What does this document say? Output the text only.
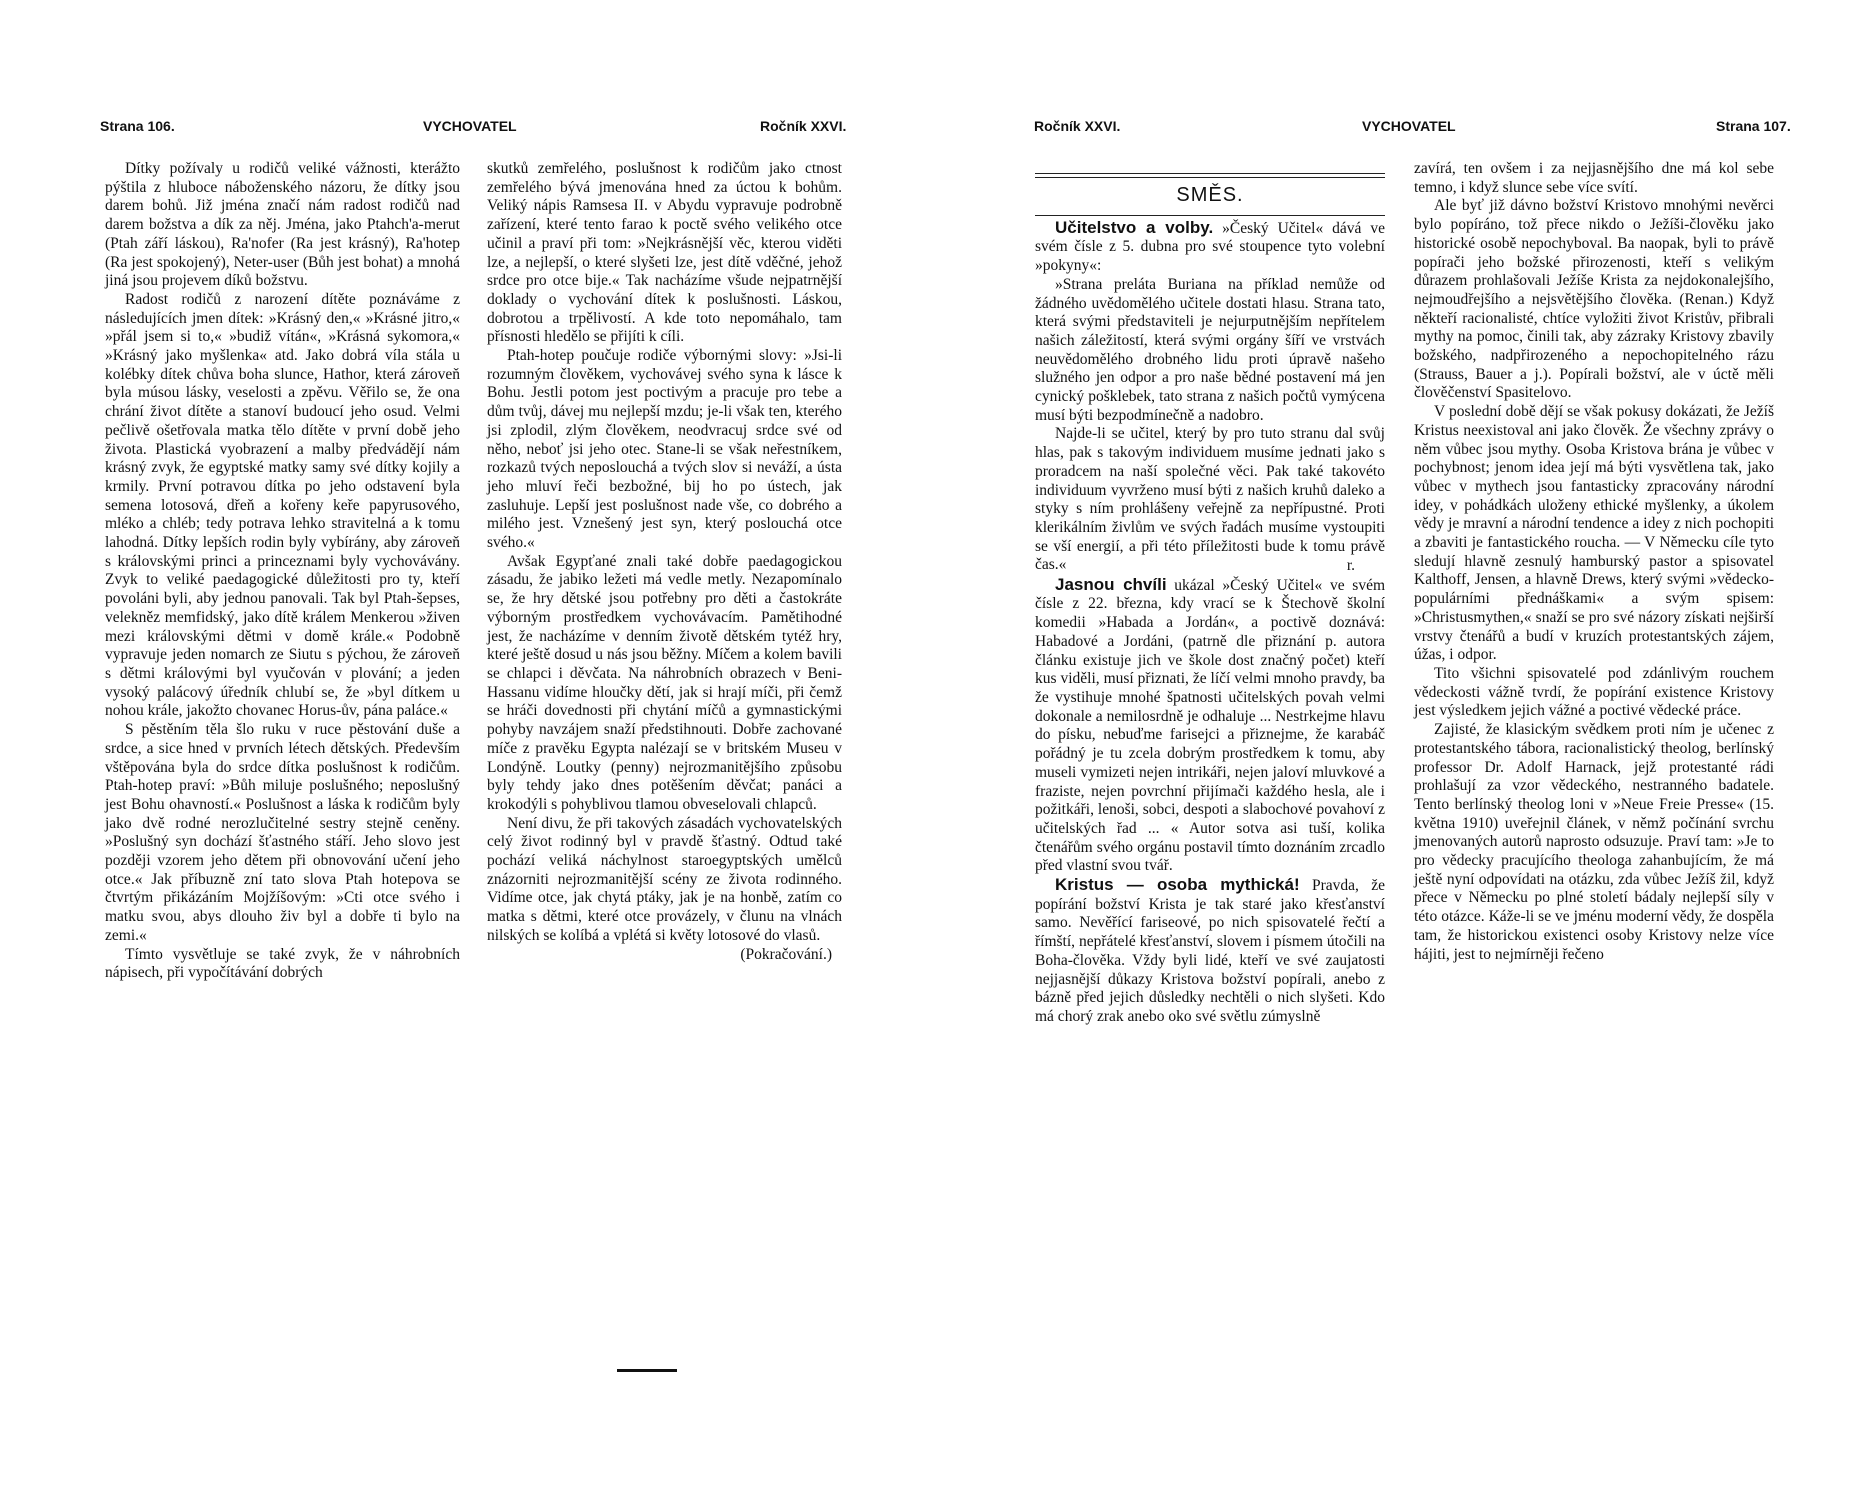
Strana 106.	VYCHOVATEL	Ročník XXVI.

Dítky požívaly u rodičů veliké vážnosti, kterážto pýštila z hluboce náboženského názoru, že dítky jsou darem bohů. Již jména značí nám radost rodičů nad darem božstva a dík za něj. Jména, jako Ptahch'a-merut (Ptah září láskou), Ra'nofer (Ra jest krásný), Ra'hotep (Ra jest spokojený), Neter-user (Bůh jest bohat) a mnohá jiná jsou projevem díků božstvu.

Radost rodičů z narození dítěte poznáváme z následujících jmen dítek: »Krásný den,« »Krásné jitro,« »přál jsem si to,« »budiž vítán«, »Krásná sykomora,« »Krásný jako myšlenka« atd. Jako dobrá víla stála u kolébky dítek chůva boha slunce, Hathor, která zároveň byla músou lásky, veselosti a zpěvu. Věřilo se, že ona chrání život dítěte a stanoví budoucí jeho osud. Velmi pečlivě ošetřovala matka tělo dítěte v první době jeho života. Plastická vyobrazení a malby předvádějí nám krásný zvyk, že egyptské matky samy své dítky kojily a krmily. První potravou dítka po jeho odstavení byla semena lotosová, dřeň a kořeny keře papyrusového, mléko a chléb; tedy potrava lehko stravitelná a k tomu lahodná. Dítky lepších rodin byly vybírány, aby zároveň s královskými princi a princeznami byly vychovávány. Zvyk to veliké paedagogické důležitosti pro ty, kteří povoláni byli, aby jednou panovali. Tak byl Ptah-šepses, velekněz memfidský, jako dítě králem Menkerou »živen mezi královskými dětmi v domě krále.« Podobně vypravuje jeden nomarch ze Siutu s pýchou, že zároveň s dětmi královými byl vyučován v plování; a jeden vysoký palácový úředník chlubí se, že »byl dítkem u nohou krále, jakožto chovanec Horus-ův, pána paláce.«

S pěstěním těla šlo ruku v ruce pěstování duše a srdce, a sice hned v prvních létech dětských. Především vštěpována byla do srdce dítka poslušnost k rodičům. Ptah-hotep praví: »Bůh miluje poslušného; neposlušný jest Bohu ohavností.« Poslušnost a láska k rodičům byly jako dvě rodné nerozlučitelné sestry stejně ceněny. »Poslušný syn dochází šťastného stáří. Jeho slovo jest později vzorem jeho dětem při obnovování učení jeho otce.« Jak příbuzně zní tato slova Ptah hotepova se čtvrtým přikázáním Mojžíšovým: »Cti otce svého i matku svou, abys dlouho živ byl a dobře ti bylo na zemi.«

Tímto vysvětluje se také zvyk, že v náhrobních nápisech, při vypočítávání dobrých

skutků zemřelého, poslušnost k rodičům jako ctnost zemřelého bývá jmenována hned za úctou k bohům. Veliký nápis Ramsesa II. v Abydu vypravuje podrobně zařízení, které tento farao k poctě svého velikého otce učinil a praví při tom: »Nejkrásnější věc, kterou viděti lze, a nejlepší, o které slyšeti lze, jest dítě vděčné, jehož srdce pro otce bije.« Tak nacházíme všude nejpatrnější doklady o vychování dítek k poslušnosti. Láskou, dobrotou a trpělivostí. A kde toto nepomáhalo, tam přísnosti hledělo se přijíti k cíli.

Ptah-hotep poučuje rodiče výbornými slovy: »Jsi-li rozumným člověkem, vychovávej svého syna k lásce k Bohu. Jestli potom jest poctivým a pracuje pro tebe a dům tvůj, dávej mu nejlepší mzdu; je-li však ten, kterého jsi zplodil, zlým člověkem, neodvracuj srdce své od něho, neboť jsi jeho otec. Stane-li se však neřestníkem, rozkazů tvých neposlouchá a tvých slov si neváží, a ústa jeho mluví řeči bezbožné, bij ho po ústech, jak zasluhuje. Lepší jest poslušnost nade vše, co dobrého a milého jest. Vznešený jest syn, který poslouchá otce svého.«

Avšak Egypťané znali také dobře paedagogickou zásadu, že jabiko ležeti má vedle metly. Nezapomínalo se, že hry dětské jsou potřebny pro děti a častokráte výborným prostředkem vychovávacím. Pamětihodné jest, že nacházíme v denním životě dětském tytéž hry, které ještě dosud u nás jsou běžny. Míčem a kolem bavili se chlapci i děvčata. Na náhrobních obrazech v Beni-Hassanu vidíme hloučky dětí, jak si hrají míči, při čemž se hráči dovednosti při chytání míčů a gymnastickými pohyby navzájem snaží předstihnouti. Dobře zachované míče z pravěku Egypta nalézají se v britském Museu v Londýně. Loutky (penny) nejrozmanitějšího způsobu byly tehdy jako dnes potěšením děvčat; panáci a krokodýli s pohyblivou tlamou obveselovali chlapců.

Není divu, že při takových zásadách vychovatelských celý život rodinný byl v pravdě šťastný. Odtud také pochází veliká náchylnost staroegyptských umělců znázorniti nejrozmanitější scény ze života rodinného. Vidíme otce, jak chytá ptáky, jak je na honbě, zatím co matka s dětmi, které otce provázely, v člunu na vlnách nilských se kolíbá a vplétá si květy lotosové do vlasů.

(Pokračování.)
Ročník XXVI.	VYCHOVATEL	Strana 107.
SMĚS.

Učitelstvo a volby. »Český Učitel« dává ve svém čísle z 5. dubna pro své stoupence tyto volební »pokyny«:

»Strana preláta Buriana na příklad nemůže od žádného uvědomělého učitele dostati hlasu. Strana tato, která svými představiteli je nejurputnějším nepřítelem našich záležitostí, která svými orgány šíří ve vrstvách neuvědomělého drobného lidu proti úpravě našeho služného jen odpor a pro naše bědné postavení má jen cynický pošklebek, tato strana z našich počtů vymýcena musí býti bezpodmínečně a nadobro.

Najde-li se učitel, který by pro tuto stranu dal svůj hlas, pak s takovým individuem musíme jednati jako s proradcem na naší společné věci. Pak také takovéto individuum vyvrženo musí býti z našich kruhů daleko a styky s ním prohlášeny veřejně za nepřípustné. Proti klerikálním živlům ve svých řadách musíme vystoupiti se vší energií, a při této příležitosti bude k tomu právě čas.«	r.

Jasnou chvíli ukázal »Český Učitel« ve svém čísle z 22. března, kdy vrací se k Štechově školní komedii »Habada a Jordán«, a poctivě doznává: Habadové a Jordáni, (patrně dle přiznání p. autora článku existuje jich ve škole dost značný počet) kteří kus viděli, musí přiznati, že líčí velmi mnoho pravdy, ba že vystihuje mnohé špatnosti učitelských povah velmi dokonale a nemilosrdně je odhaluje ... Nestrkejme hlavu do písku, nebuďme farisejci a přiznejme, že karabáč pořádný je tu zcela dobrým prostředkem k tomu, aby museli vymizeti nejen intrikáři, nejen jaloví mluvkové a fraziste, nejen povrchní přijímači každého hesla, ale i požitkáři, lenoši, sobci, despoti a slabochové povahoví z učitelských řad ... « Autor sotva asi tuší, kolika čtenářům svého orgánu postavil tímto doznáním zrcadlo před vlastní svou tvář.

Kristus — osoba mythická! Pravda, že popírání božství Krista je tak staré jako křesťanství samo. Nevěřící fariseové, po nich spisovatelé řečtí a římští, nepřátelé křesťanství, slovem i písmem útočili na Boha-člověka. Vždy byli lidé, kteří ve své zaujatosti nejjasnější důkazy Kristova božství popírali, anebo z bázně před jejich důsledky nechtěli o nich slyšeti. Kdo má chorý zrak anebo oko své světlu zúmyslně

zavírá, ten ovšem i za nejjasnějšího dne má kol sebe temno, i když slunce sebe více svítí.

Ale byť již dávno božství Kristovo mnohými nevěrci bylo popíráno, tož přece nikdo o Ježíši-člověku jako historické osobě nepochyboval. Ba naopak, byli to právě popírači jeho božské přirozenosti, kteří s velikým důrazem prohlašovali Ježíše Krista za nejdokonalejšího, nejmoudřejšího a nejsvětějšího člověka. (Renan.) Když někteří racionalisté, chtíce vyložiti život Kristův, přibrali mythy na pomoc, činili tak, aby zázraky Kristovy zbavily božského, nadpřirozeného a nepochopitelného rázu (Strauss, Bauer a j.). Popírali božství, ale v úctě měli člověčenství Spasitelovo.

V poslední době dějí se však pokusy dokázati, že Ježíš Kristus neexistoval ani jako člověk. Že všechny zprávy o něm vůbec jsou mythy. Osoba Kristova brána je vůbec v pochybnost; jenom idea její má býti vysvětlena tak, jako vůbec v mythech jsou fantasticky zpracovány národní idey, v pohádkách uloženy ethické myšlenky, a úkolem vědy je mravní a národní tendence a idey z nich pochopiti a zbaviti je fantastického roucha. — V Německu cíle tyto sledují hlavně zesnulý hamburský pastor a spisovatel Kalthoff, Jensen, a hlavně Drews, který svými »vědecko-populárními přednáškami« a svým spisem: »Christusmythen,« snaží se pro své názory získati nejširší vrstvy čtenářů a budí v kruzích protestantských zájem, úžas, i odpor.

Tito všichni spisovatelé pod zdánlivým rouchem vědeckosti vážně tvrdí, že popírání existence Kristovy jest výsledkem jejich vážné a poctivé vědecké práce.

Zajisté, že klasickým svědkem proti ním je učenec z protestantského tábora, racionalistický theolog, berlínský professor Dr. Adolf Harnack, jejž protestanté rádi prohlašují za vzor vědeckého, nestranného badatele. Tento berlínský theolog loni v »Neue Freie Presse« (15. května 1910) uveřejnil článek, v němž počínání svrchu jmenovaných autorů naprosto odsuzuje. Praví tam: »Je to pro vědecky pracujícího theologa zahanbujícím, že má ještě nyní odpovídati na otázku, zda vůbec Ježíš žil, když přece v Německu po plné století bádaly nejlepší síly v této otázce. Káže-li se ve jménu moderní vědy, že dospěla tam, že historickou existenci osoby Kristovy nelze více hájiti, jest to nejmírněji řečeno
